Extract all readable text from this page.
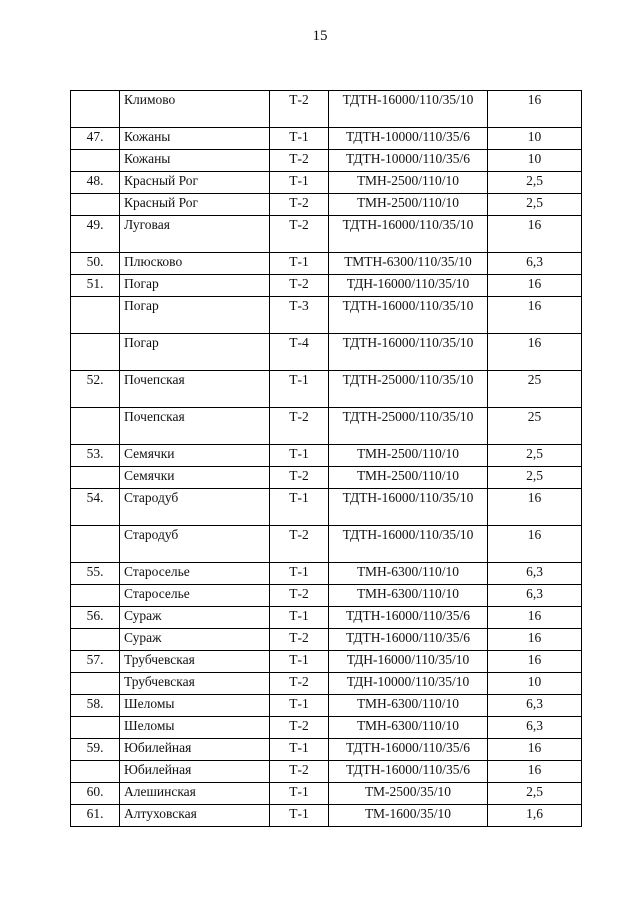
15
	Климово	Т-2	ТДТН-16000/110/35/10	16
47.	Кожаны	Т-1	ТДТН-10000/110/35/6	10
	Кожаны	Т-2	ТДТН-10000/110/35/6	10
48.	Красный Рог	Т-1	ТМН-2500/110/10	2,5
	Красный Рог	Т-2	ТМН-2500/110/10	2,5
49.	Луговая	Т-2	ТДТН-16000/110/35/10	16
50.	Плюсково	Т-1	ТМТН-6300/110/35/10	6,3
51.	Погар	Т-2	ТДН-16000/110/35/10	16
	Погар	Т-3	ТДТН-16000/110/35/10	16
	Погар	Т-4	ТДТН-16000/110/35/10	16
52.	Почепская	Т-1	ТДТН-25000/110/35/10	25
	Почепская	Т-2	ТДТН-25000/110/35/10	25
53.	Семячки	Т-1	ТМН-2500/110/10	2,5
	Семячки	Т-2	ТМН-2500/110/10	2,5
54.	Стародуб	Т-1	ТДТН-16000/110/35/10	16
	Стародуб	Т-2	ТДТН-16000/110/35/10	16
55.	Староселье	Т-1	ТМН-6300/110/10	6,3
	Староселье	Т-2	ТМН-6300/110/10	6,3
56.	Сураж	Т-1	ТДТН-16000/110/35/6	16
	Сураж	Т-2	ТДТН-16000/110/35/6	16
57.	Трубчевская	Т-1	ТДН-16000/110/35/10	16
	Трубчевская	Т-2	ТДН-10000/110/35/10	10
58.	Шеломы	Т-1	ТМН-6300/110/10	6,3
	Шеломы	Т-2	ТМН-6300/110/10	6,3
59.	Юбилейная	Т-1	ТДТН-16000/110/35/6	16
	Юбилейная	Т-2	ТДТН-16000/110/35/6	16
60.	Алешинская	Т-1	ТМ-2500/35/10	2,5
61.	Алтуховская	Т-1	ТМ-1600/35/10	1,6
